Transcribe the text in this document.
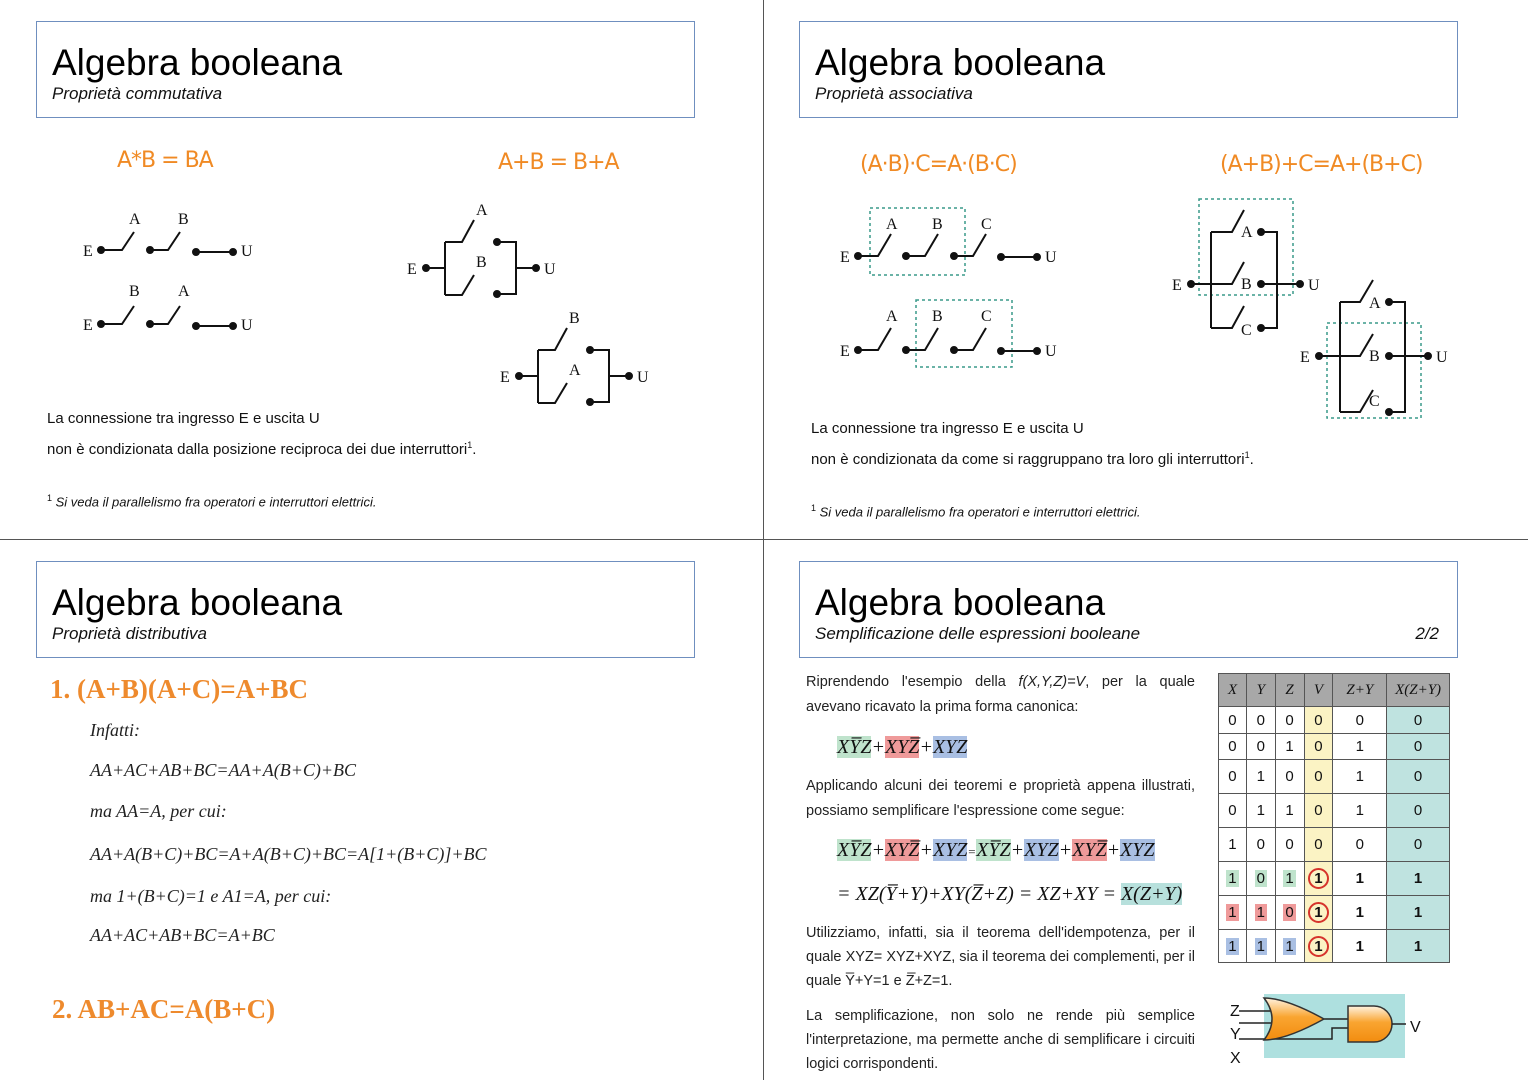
Algebra booleana
Proprietà commutativa
A*B = BA	A+B = B+A
E	U
A B
E	U
B A
E	U
A
B
E	U
B
A
La connessione tra ingresso E e uscita U
non è condizionata dalla posizione reciproca dei due interruttori$^1$.
$^1$ Si veda il parallelismo fra operatori e interruttori elettrici.
Algebra booleana
Proprietà associativa
(A·B)·C=A·(B·C)	(A+B)+C=A+(B+C)
E	U
A B C
E	U
A B C
E	U
A
B
C
E	U
A
B
C
La connessione tra ingresso E e uscita U
non è condizionata da come si raggruppano tra loro gli interruttori$^1$.
$^1$ Si veda il parallelismo fra operatori e interruttori elettrici.
Algebra booleana
Proprietà distributiva
1. (A+B)(A+C)=A+BC
Infatti:
AA+AC+AB+BC=AA+A(B+C)+BC
ma AA=A, per cui:
AA+A(B+C)+BC=A+A(B+C)+BC=A[1+(B+C)]+BC
ma 1+(B+C)=1 e A1=A, per cui:
AA+AC+AB+BC=A+BC
2. AB+AC=A(B+C)
Algebra booleana
Semplificazione delle espressioni booleane	2/2
Riprendendo l'esempio della f(X,Y,Z)=V, per la quale avevano ricavato la prima forma canonica:
XY̅Z+XYZ̅+XYZ
Applicando alcuni dei teoremi e proprietà appena illustrati, possiamo semplificare l'espressione come segue:
XY̅Z+XYZ̅+XYZ=XY̅Z+XYZ+XYZ̅+XYZ
= XZ(Y̅+Y)+XY(Z̅+Z) = XZ+XY = X(Z+Y)
Utilizziamo, infatti, sia il teorema dell'idempotenza, per il quale XYZ= XYZ+XYZ, sia il teorema dei complementi, per il quale Y̅+Y=1 e Z̅+Z=1.
La semplificazione, non solo ne rende più semplice l'interpretazione, ma permette anche di semplificare i circuiti logici corrispondenti.
X	Y	Z	V	Z+Y	X(Z+Y)
0	0	0	0	0	0
0	0	1	0	1	0
0	1	0	0	1	0
0	1	1	0	1	0
1	0	0	0	0	0
1	0	1	1	1	1
1	1	0	1	1	1
1	1	1	1	1	1
Z
Y
X
V
